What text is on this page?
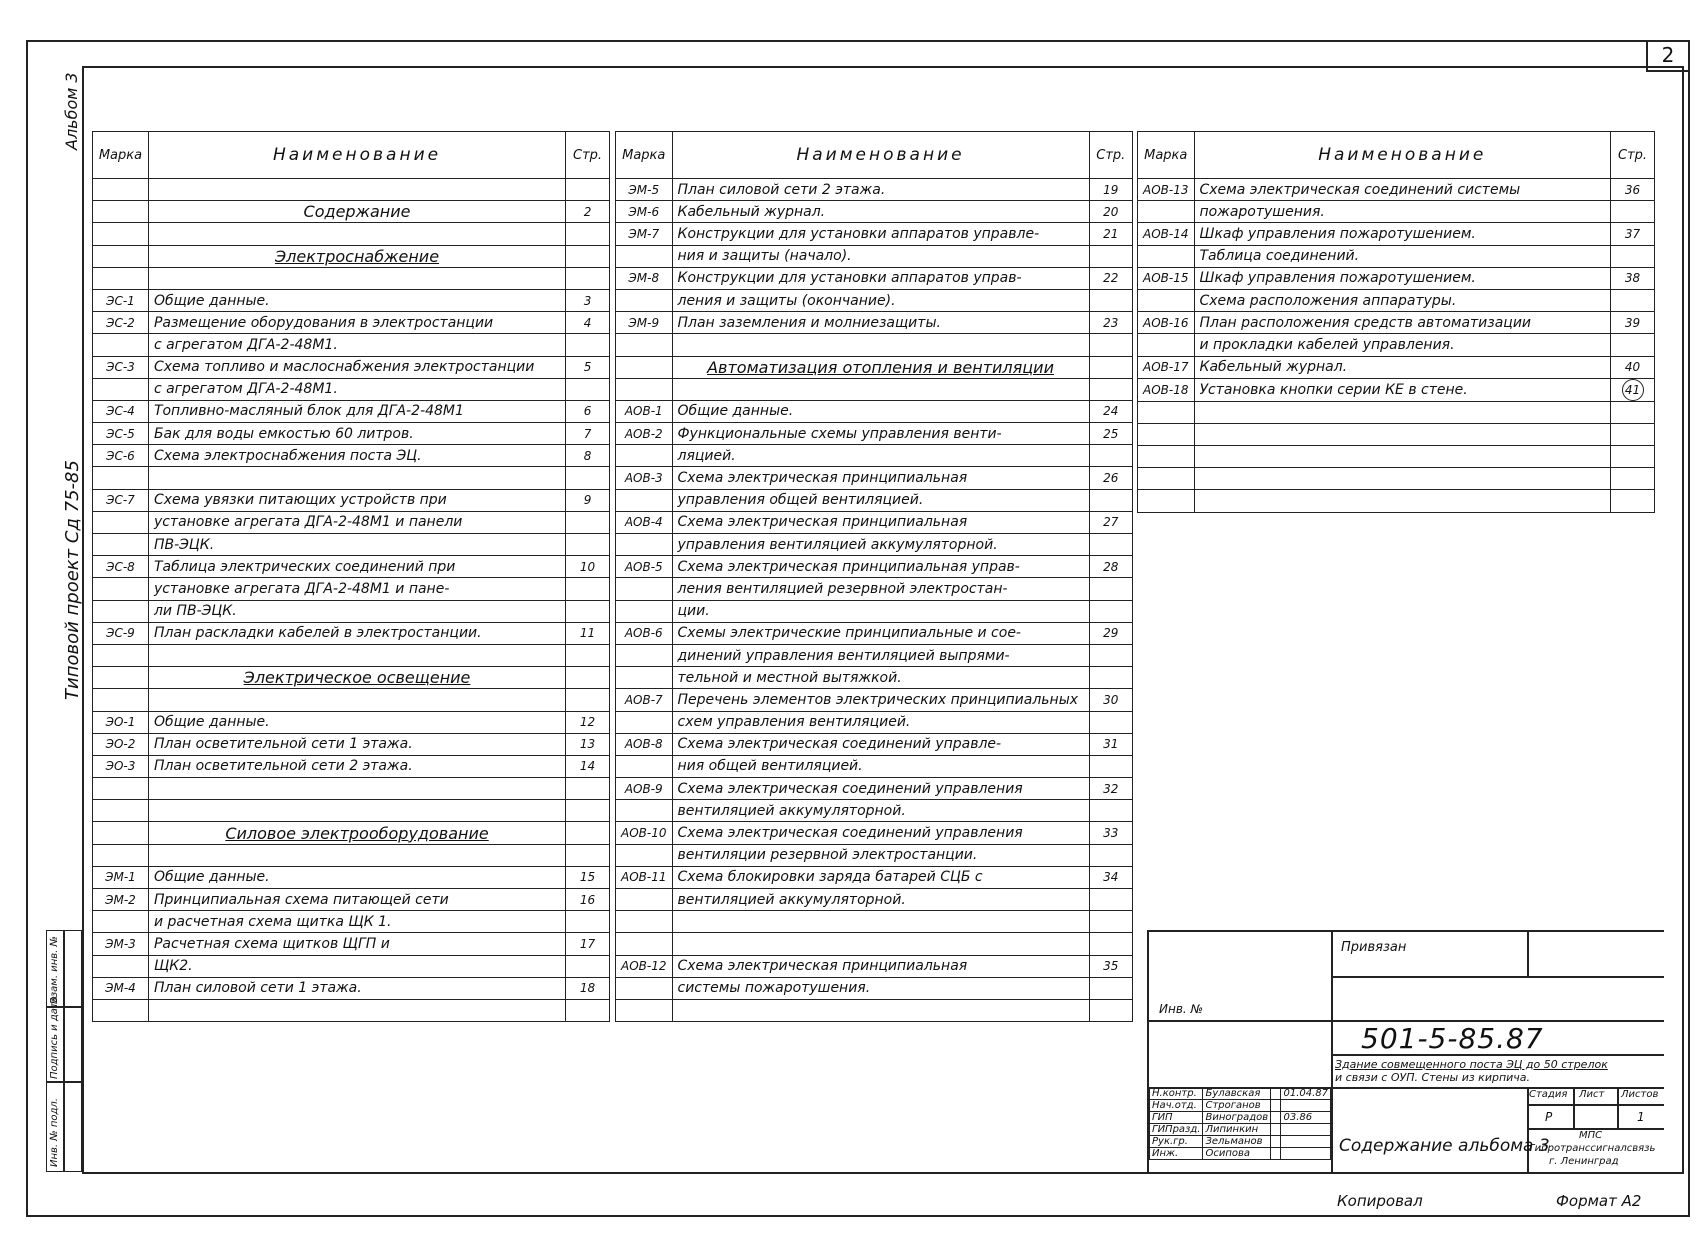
2
Альбом 3
Типовой проект Сд 75-85
Взам. инв. №
Подпись и дата
Инв. № подл.
Марка	Наименование	Стр.

	Содержание	2

	Электроснабжение	

ЭС-1	Общие данные.	3
ЭС-2	Размещение оборудования в электростанции	4
	с агрегатом ДГА-2-48М1.	
ЭС-3	Схема топливо и маслоснабжения электростанции	5
	с агрегатом ДГА-2-48М1.	
ЭС-4	Топливно-масляный блок для ДГА-2-48М1	6
ЭС-5	Бак для воды емкостью 60 литров.	7
ЭС-6	Схема электроснабжения поста ЭЦ.	8

ЭС-7	Схема увязки питающих устройств при	9
	установке агрегата ДГА-2-48М1 и панели	
	ПВ-ЭЦК.	
ЭС-8	Таблица электрических соединений при	10
	установке агрегата ДГА-2-48М1 и пане-	
	ли ПВ-ЭЦК.	
ЭС-9	План раскладки кабелей в электростанции.	11

	Электрическое освещение	

ЭО-1	Общие данные.	12
ЭО-2	План осветительной сети 1 этажа.	13
ЭО-3	План осветительной сети 2 этажа.	14

	Силовое электрооборудование	

ЭМ-1	Общие данные.	15
ЭМ-2	Принципиальная схема питающей сети	16
	и расчетная схема щитка ЩК 1.	
ЭМ-3	Расчетная схема щитков ЩГП и	17
	ЩК2.	
ЭМ-4	План силовой сети 1 этажа.	18

Марка	Наименование	Стр.
ЭМ-5	План силовой сети 2 этажа.	19
ЭМ-6	Кабельный журнал.	20
ЭМ-7	Конструкции для установки аппаратов управле-	21
	ния и защиты (начало).	
ЭМ-8	Конструкции для установки аппаратов управ-	22
	ления и защиты (окончание).	
ЭМ-9	План заземления и молниезащиты.	23

	Автоматизация отопления и вентиляции	

АОВ-1	Общие данные.	24
АОВ-2	Функциональные схемы управления венти-	25
	ляцией.	
АОВ-3	Схема электрическая принципиальная	26
	управления общей вентиляцией.	
АОВ-4	Схема электрическая принципиальная	27
	управления вентиляцией аккумуляторной.	
АОВ-5	Схема электрическая принципиальная управ-	28
	ления вентиляцией резервной электростан-	
	ции.	
АОВ-6	Схемы электрические принципиальные и сое-	29
	динений управления вентиляцией выпрями-	
	тельной и местной вытяжкой.	
АОВ-7	Перечень элементов электрических принципиальных	30
	схем управления вентиляцией.	
АОВ-8	Схема электрическая соединений управле-	31
	ния общей вентиляцией.	
АОВ-9	Схема электрическая соединений управления	32
	вентиляцией аккумуляторной.	
АОВ-10	Схема электрическая соединений управления	33
	вентиляции резервной электростанции.	
АОВ-11	Схема блокировки заряда батарей СЦБ с	34
	вентиляцией аккумуляторной.	

АОВ-12	Схема электрическая принципиальная	35
	системы пожаротушения.	

Марка	Наименование	Стр.
АОВ-13	Схема электрическая соединений системы	36
	пожаротушения.	
АОВ-14	Шкаф управления пожаротушением.	37
	Таблица соединений.	
АОВ-15	Шкаф управления пожаротушением.	38
	Схема расположения аппаратуры.	
АОВ-16	План расположения средств автоматизации	39
	и прокладки кабелей управления.	
АОВ-17	Кабельный журнал.	40
АОВ-18	Установка кнопки серии КЕ в стене.	41

Привязан
Инв. №
501-5-85.87
Здание совмещенного поста ЭЦ до 50 стрелок
и связи с ОУП. Стены из кирпича.
Стадия Лист Листов
Р	1
Содержание альбома 3
МПС
Гипротранссигналсвязь
г. Ленинград
Н.контр.	Булавская		01.04.87
Нач.отд.	Строганов		
ГИП	Виноградов		03.86
ГИПразд.	Липинкин		
Рук.гр.	Зельманов		
Инж.	Осипова		
Копировал	Формат А2
